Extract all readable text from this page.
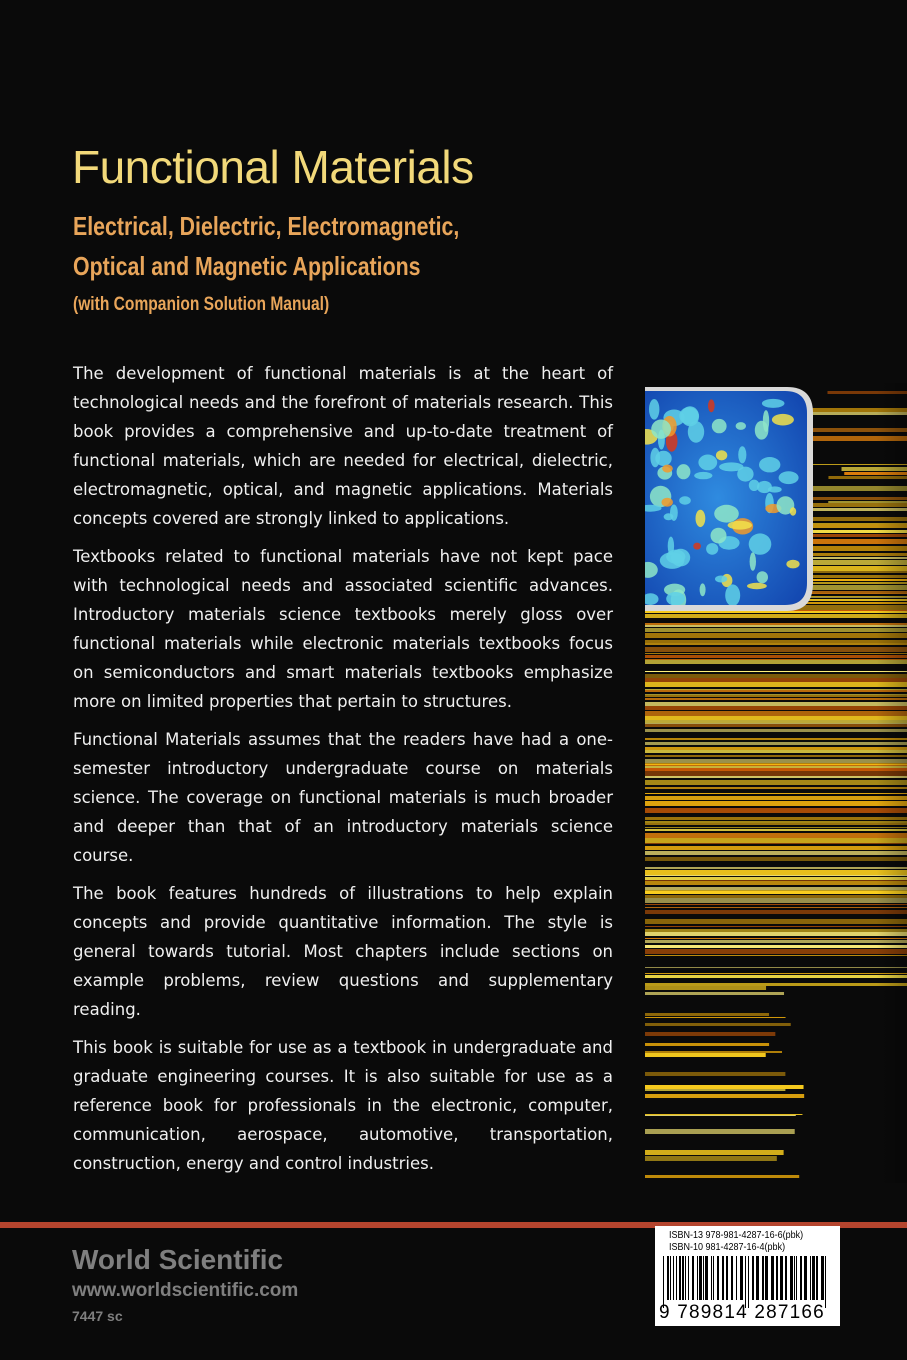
Functional Materials
Electrical, Dielectric, Electromagnetic,
Optical and Magnetic Applications
(with Companion Solution Manual)

The development of functional materials is at the heart of technological needs and the forefront of materials research. This book provides a comprehensive and up-to-date treatment of functional materials, which are needed for electrical, dielectric, electromagnetic, optical, and magnetic applications. Materials concepts covered are strongly linked to applications.

Textbooks related to functional materials have not kept pace with technological needs and associated scientific advances. Introductory materials science textbooks merely gloss over functional materials while electronic materials textbooks focus on semiconductors and smart materials textbooks emphasize more on limited properties that pertain to structures.

Functional Materials assumes that the readers have had a one-semester introductory undergraduate course on materials science. The coverage on functional materials is much broader and deeper than that of an introductory materials science course.

The book features hundreds of illustrations to help explain concepts and provide quantitative information. The style is general towards tutorial. Most chapters include sections on example problems, review questions and supplementary reading.

This book is suitable for use as a textbook in undergraduate and graduate engineering courses. It is also suitable for use as a reference book for professionals in the electronic, computer, communication, aerospace, automotive, transportation, construction, energy and control industries.

World Scientific
www.worldscientific.com
7447 sc
ISBN-13 978-981-4287-16-6(pbk)
ISBN-10 981-4287-16-4(pbk)
9 789814 287166
